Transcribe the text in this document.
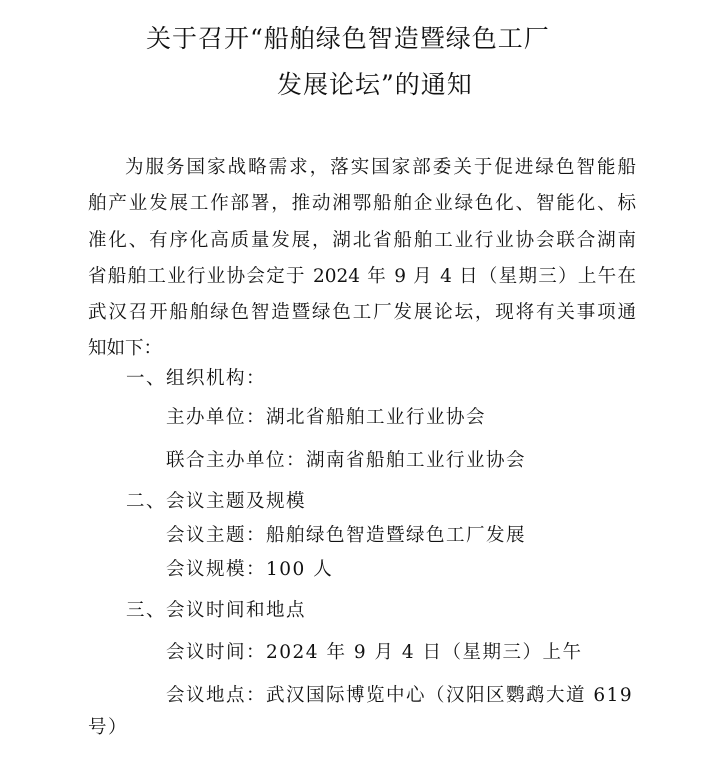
关于召开“船舶绿色智造暨绿色工厂
发展论坛”的通知
为服务国家战略需求，落实国家部委关于促进绿色智能船
舶产业发展工作部署，推动湘鄂船舶企业绿色化、智能化、标
准化、有序化高质量发展，湖北省船舶工业行业协会联合湖南
省船舶工业行业协会定于 2024 年 9 月 4 日（星期三）上午在
武汉召开船舶绿色智造暨绿色工厂发展论坛，现将有关事项通
知如下：
一、组织机构：
主办单位：湖北省船舶工业行业协会
联合主办单位：湖南省船舶工业行业协会
二、会议主题及规模
会议主题：船舶绿色智造暨绿色工厂发展
会议规模：100 人
三、会议时间和地点
会议时间：2024 年 9 月 4 日（星期三）上午
会议地点：武汉国际博览中心（汉阳区鹦鹉大道 619
号）
